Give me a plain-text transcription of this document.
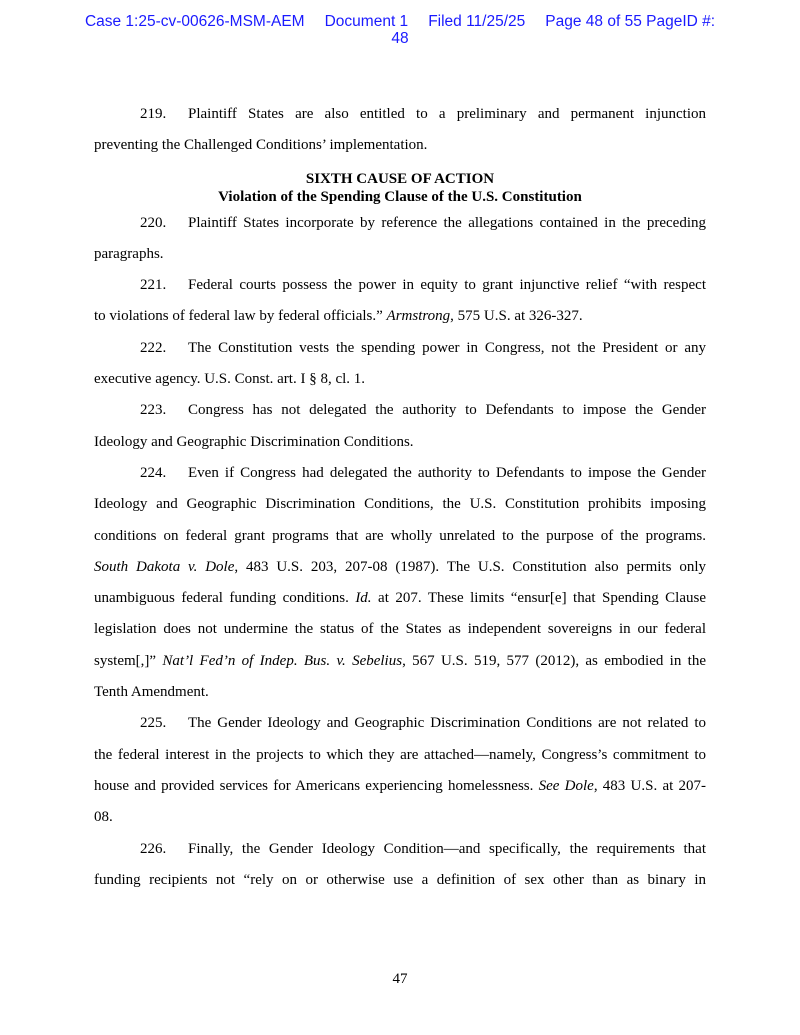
Case 1:25-cv-00626-MSM-AEM Document 1 Filed 11/25/25 Page 48 of 55 PageID #:
48
219. Plaintiff States are also entitled to a preliminary and permanent injunction
preventing the Challenged Conditions’ implementation.
SIXTH CAUSE OF ACTION
Violation of the Spending Clause of the U.S. Constitution
220. Plaintiff States incorporate by reference the allegations contained in the preceding
paragraphs.
221. Federal courts possess the power in equity to grant injunctive relief “with respect
to violations of federal law by federal officials.” Armstrong, 575 U.S. at 326-327.
222. The Constitution vests the spending power in Congress, not the President or any
executive agency. U.S. Const. art. I § 8, cl. 1.
223. Congress has not delegated the authority to Defendants to impose the Gender
Ideology and Geographic Discrimination Conditions.
224. Even if Congress had delegated the authority to Defendants to impose the Gender
Ideology and Geographic Discrimination Conditions, the U.S. Constitution prohibits imposing
conditions on federal grant programs that are wholly unrelated to the purpose of the programs.
South Dakota v. Dole, 483 U.S. 203, 207-08 (1987). The U.S. Constitution also permits only
unambiguous federal funding conditions. Id. at 207. These limits “ensur[e] that Spending Clause
legislation does not undermine the status of the States as independent sovereigns in our federal
system[,]” Nat’l Fed’n of Indep. Bus. v. Sebelius, 567 U.S. 519, 577 (2012), as embodied in the
Tenth Amendment.
225. The Gender Ideology and Geographic Discrimination Conditions are not related to
the federal interest in the projects to which they are attached—namely, Congress’s commitment to
house and provided services for Americans experiencing homelessness. See Dole, 483 U.S. at 207-
08.
226. Finally, the Gender Ideology Condition—and specifically, the requirements that
funding recipients not “rely on or otherwise use a definition of sex other than as binary in
47
